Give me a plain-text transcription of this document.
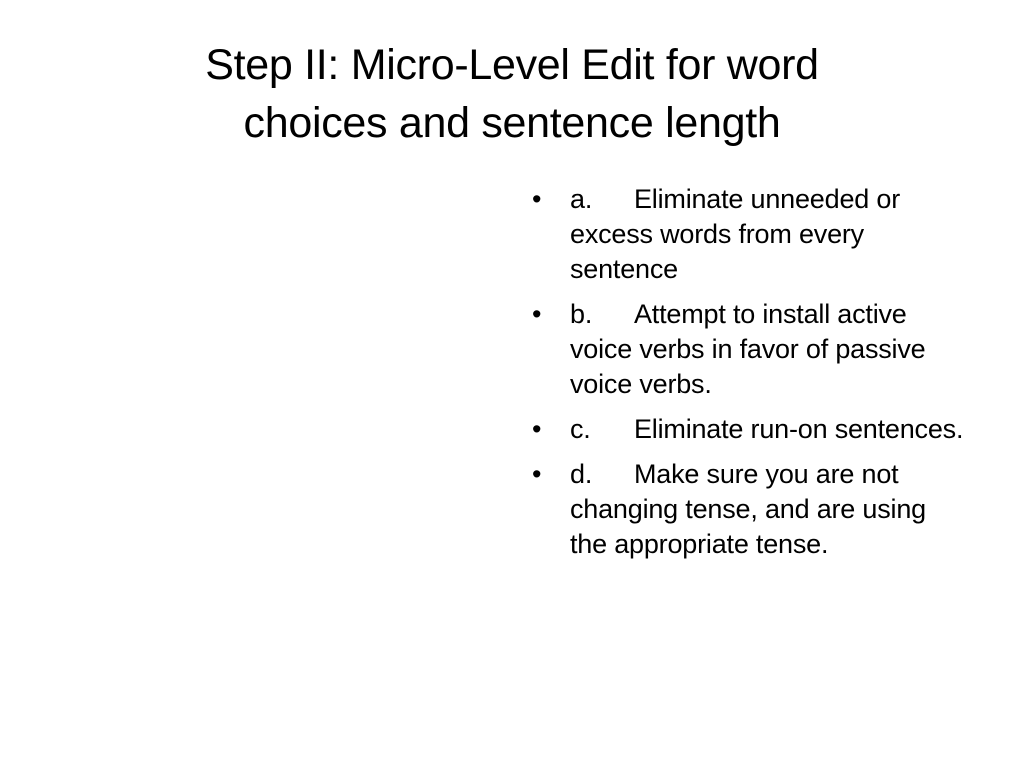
Step II: Micro-Level Edit for word
choices and sentence length
• a. Eliminate unneeded or excess words from every sentence
• b. Attempt to install active voice verbs in favor of passive voice verbs.
• c. Eliminate run-on sentences.
• d. Make sure you are not changing tense, and are using the appropriate tense.
